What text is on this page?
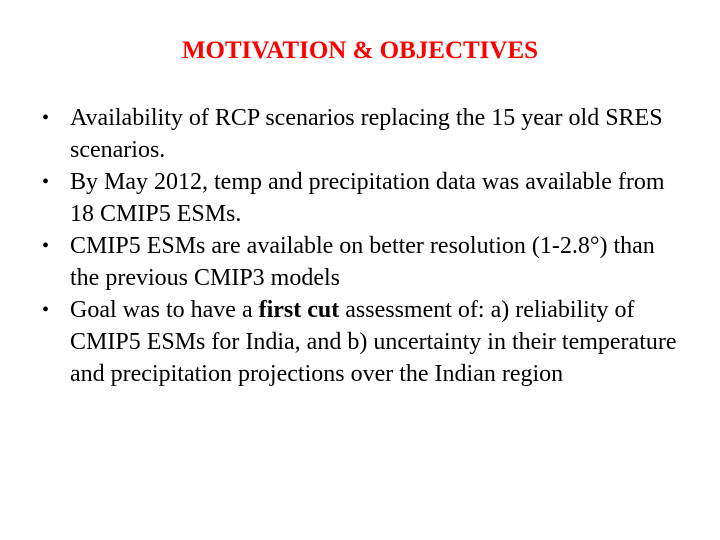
MOTIVATION & OBJECTIVES
• Availability of RCP scenarios replacing the 15 year old SRES scenarios.
• By May 2012, temp and precipitation data was available from 18 CMIP5 ESMs.
• CMIP5 ESMs are available on better resolution (1-2.8°) than the previous CMIP3 models
• Goal was to have a first cut assessment of: a) reliability of CMIP5 ESMs for India, and b) uncertainty in their temperature and precipitation projections over the Indian region
